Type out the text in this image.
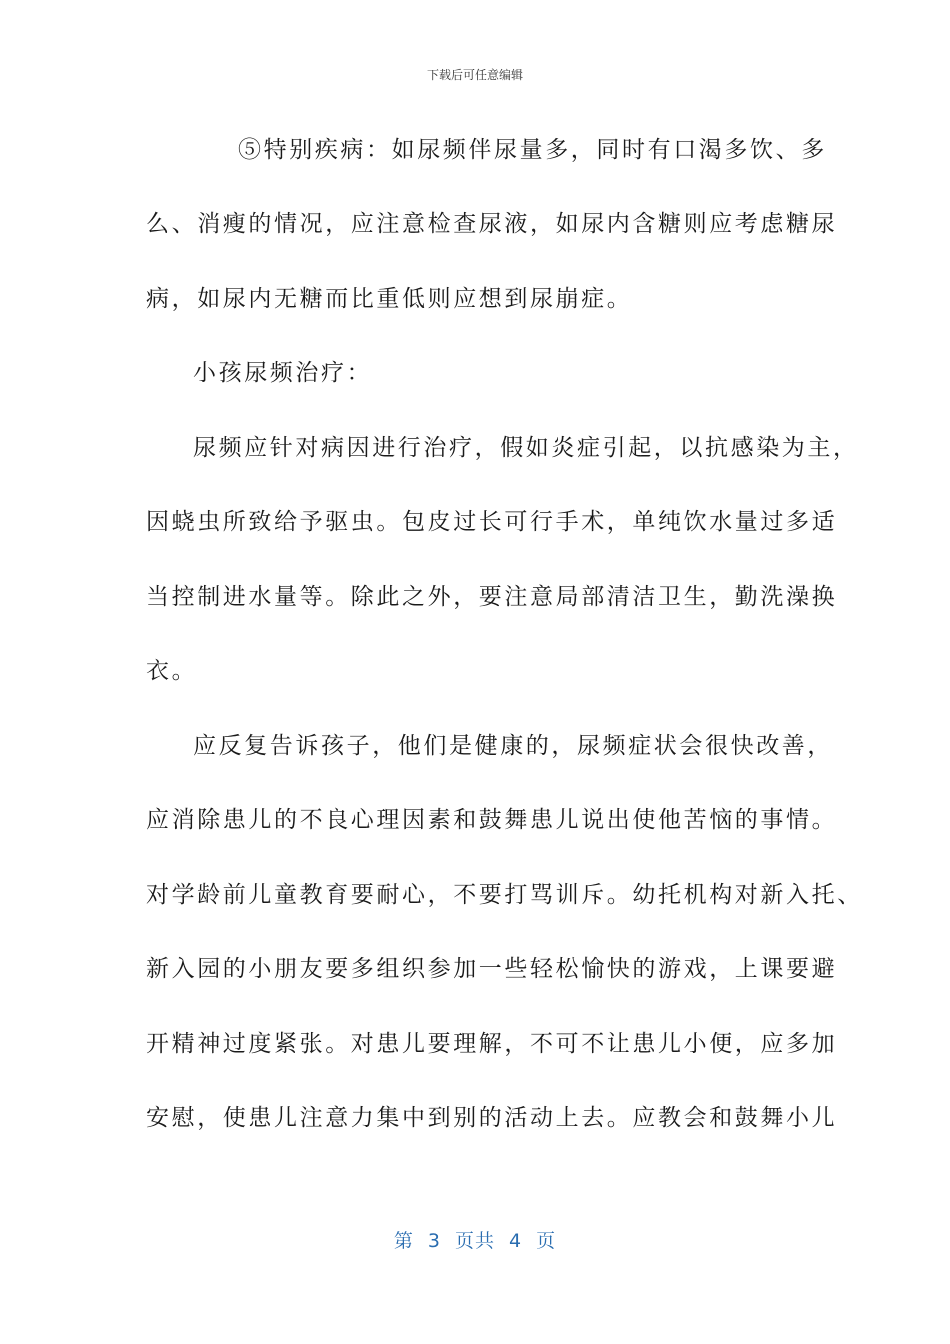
下载后可任意编辑
⑤特别疾病：如尿频伴尿量多，同时有口渴多饮、多
么、消瘦的情况，应注意检查尿液，如尿内含糖则应考虑糖尿
病，如尿内无糖而比重低则应想到尿崩症。
小孩尿频治疗：
尿频应针对病因进行治疗，假如炎症引起，以抗感染为主，
因蛲虫所致给予驱虫。包皮过长可行手术，单纯饮水量过多适
当控制进水量等。除此之外，要注意局部清洁卫生，勤洗澡换
衣。
应反复告诉孩子，他们是健康的，尿频症状会很快改善，
应消除患儿的不良心理因素和鼓舞患儿说出使他苦恼的事情。
对学龄前儿童教育要耐心，不要打骂训斥。幼托机构对新入托、
新入园的小朋友要多组织参加一些轻松愉快的游戏，上课要避
开精神过度紧张。对患儿要理解，不可不让患儿小便，应多加
安慰，使患儿注意力集中到别的活动上去。应教会和鼓舞小儿
第 3 页共 4 页
